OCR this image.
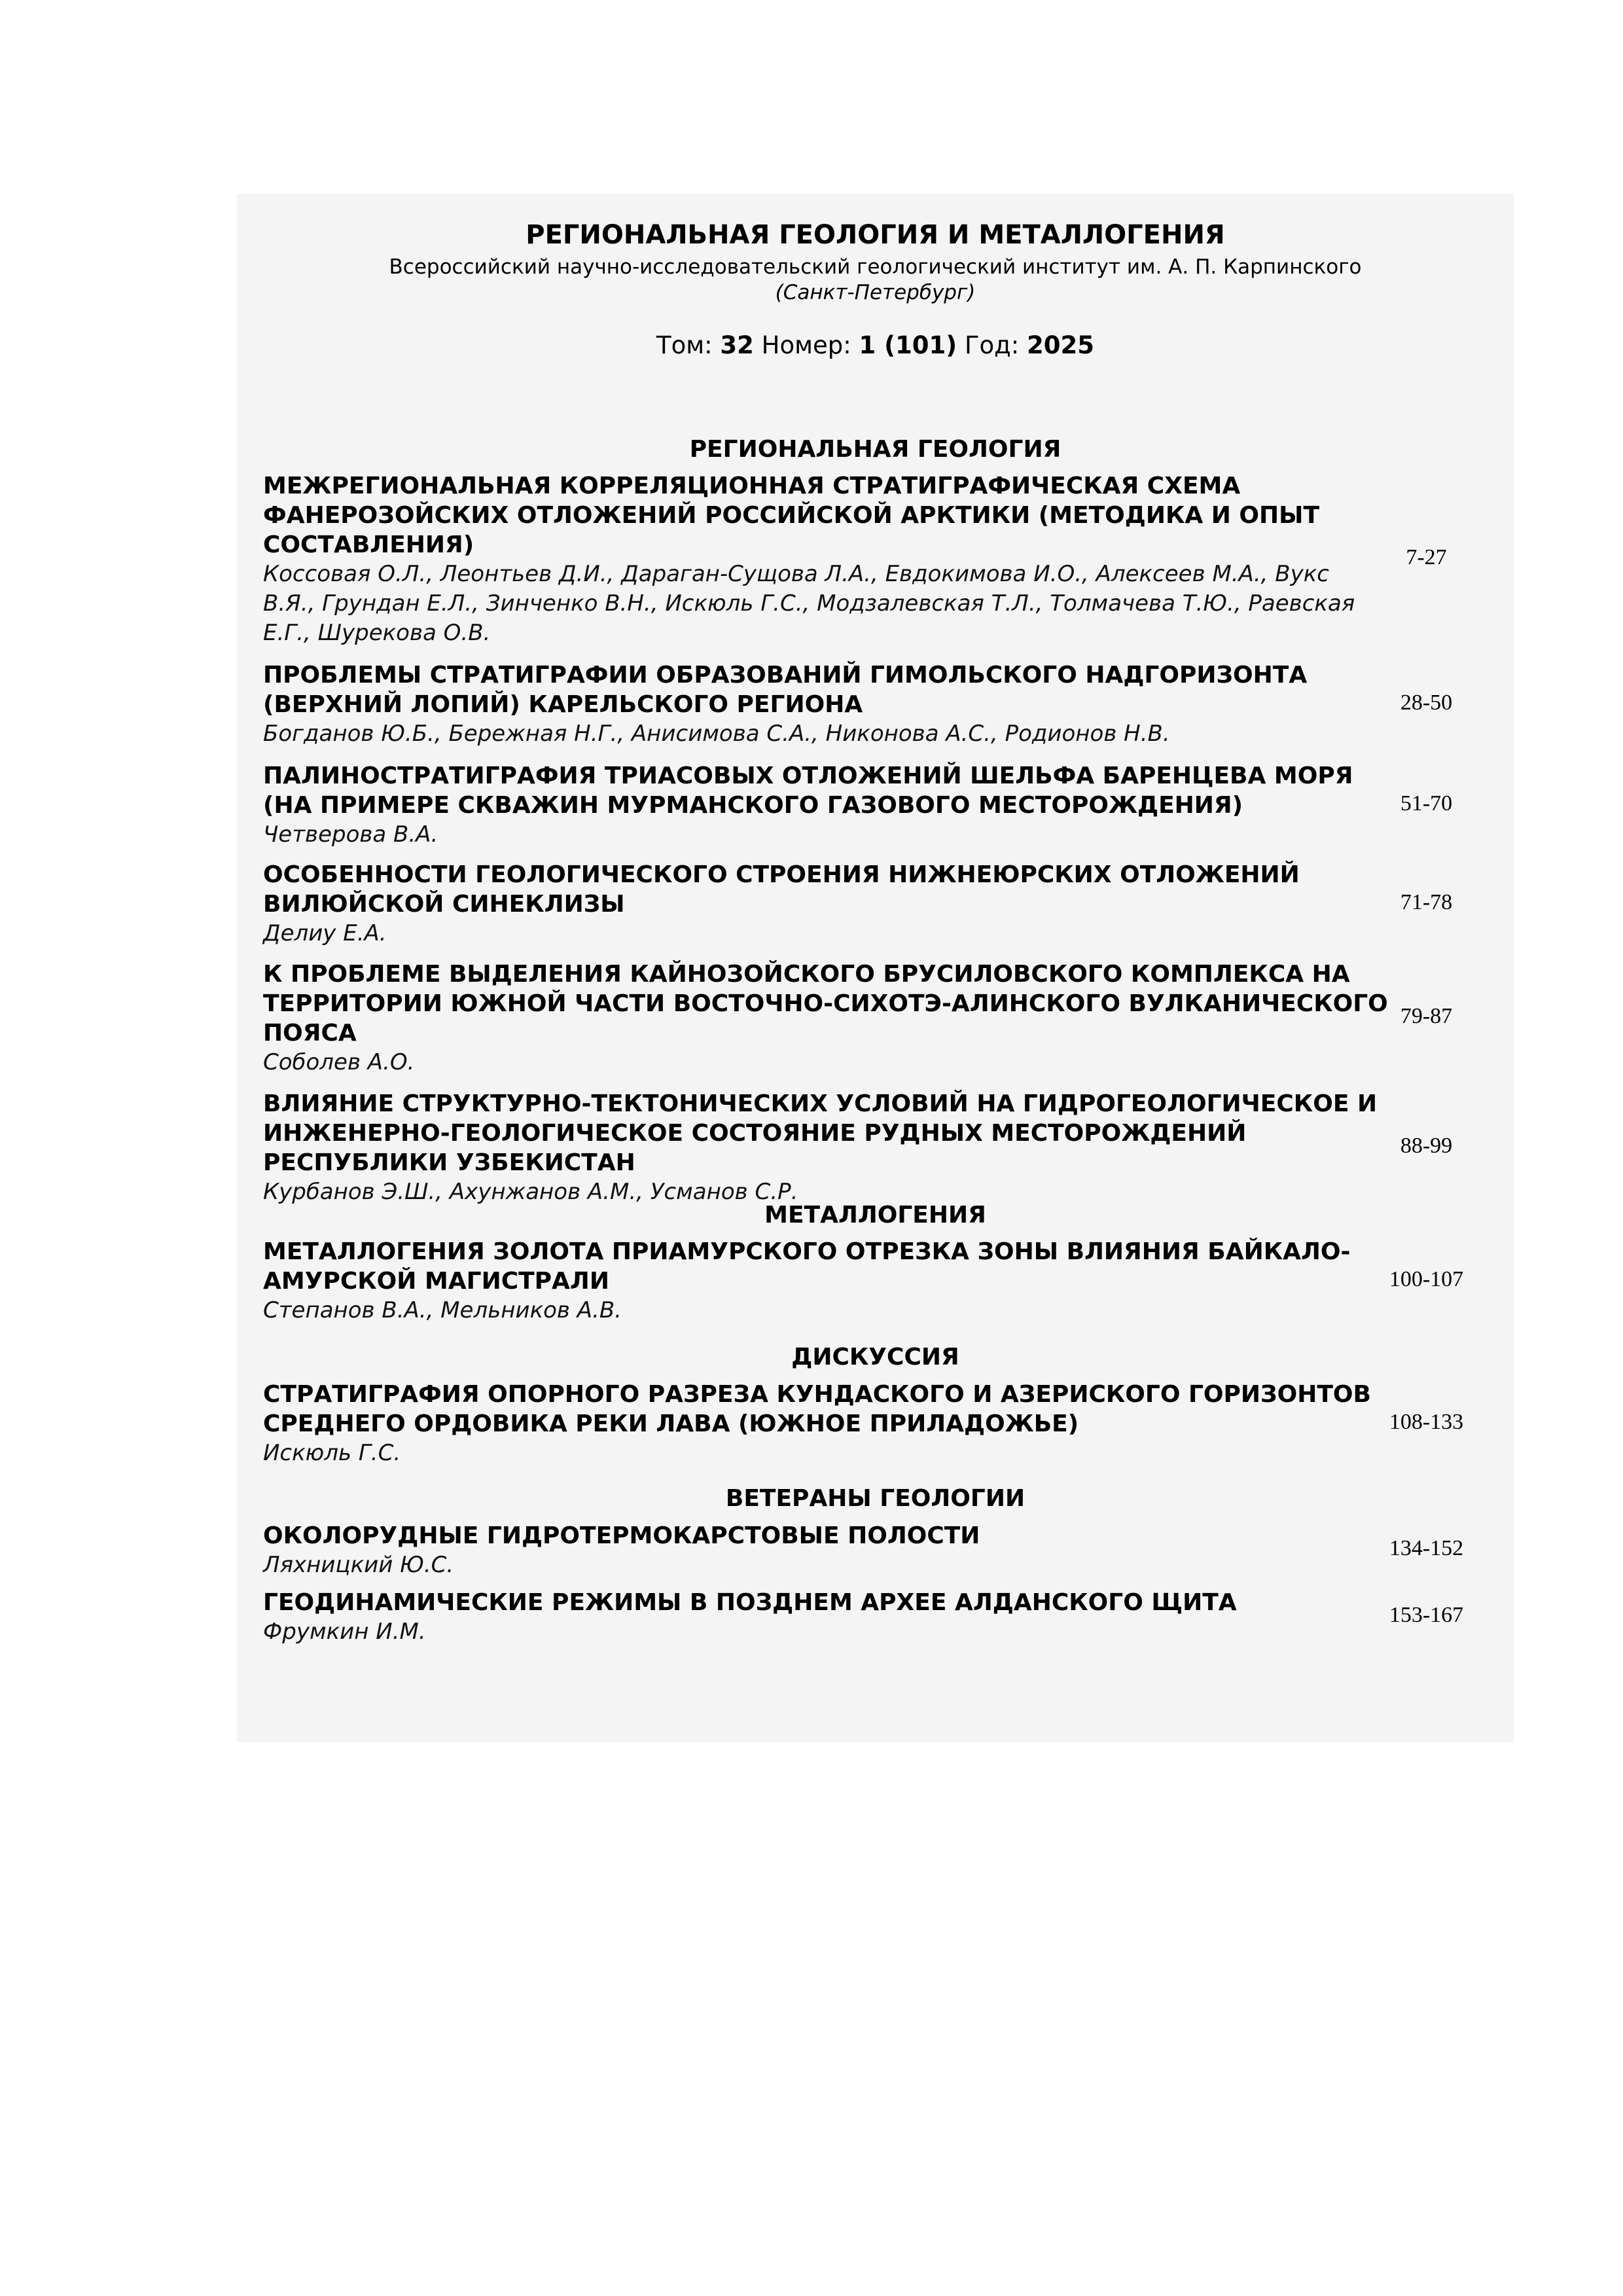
РЕГИОНАЛЬНАЯ ГЕОЛОГИЯ И МЕТАЛЛОГЕНИЯ
Всероссийский научно-исследовательский геологический институт им. А. П. Карпинского
(Санкт-Петербург)
Том: 32 Номер: 1 (101) Год: 2025
РЕГИОНАЛЬНАЯ ГЕОЛОГИЯ
МЕЖРЕГИОНАЛЬНАЯ КОРРЕЛЯЦИОННАЯ СТРАТИГРАФИЧЕСКАЯ СХЕМА
ФАНЕРОЗОЙСКИХ ОТЛОЖЕНИЙ РОССИЙСКОЙ АРКТИКИ (МЕТОДИКА И ОПЫТ
СОСТАВЛЕНИЯ)
Коссовая О.Л., Леонтьев Д.И., Дараган-Сущова Л.А., Евдокимова И.О., Алексеев М.А., Вукс
В.Я., Грундан Е.Л., Зинченко В.Н., Искюль Г.С., Модзалевская Т.Л., Толмачева Т.Ю., Раевская
Е.Г., Шурекова О.В.
7-27
ПРОБЛЕМЫ СТРАТИГРАФИИ ОБРАЗОВАНИЙ ГИМОЛЬСКОГО НАДГОРИЗОНТА
(ВЕРХНИЙ ЛОПИЙ) КАРЕЛЬСКОГО РЕГИОНА
Богданов Ю.Б., Бережная Н.Г., Анисимова С.А., Никонова А.С., Родионов Н.В.
28-50
ПАЛИНОСТРАТИГРАФИЯ ТРИАСОВЫХ ОТЛОЖЕНИЙ ШЕЛЬФА БАРЕНЦЕВА МОРЯ
(НА ПРИМЕРЕ СКВАЖИН МУРМАНСКОГО ГАЗОВОГО МЕСТОРОЖДЕНИЯ)
Четверова В.А.
51-70
ОСОБЕННОСТИ ГЕОЛОГИЧЕСКОГО СТРОЕНИЯ НИЖНЕЮРСКИХ ОТЛОЖЕНИЙ
ВИЛЮЙСКОЙ СИНЕКЛИЗЫ
Делиу Е.А.
71-78
К ПРОБЛЕМЕ ВЫДЕЛЕНИЯ КАЙНОЗОЙСКОГО БРУСИЛОВСКОГО КОМПЛЕКСА НА
ТЕРРИТОРИИ ЮЖНОЙ ЧАСТИ ВОСТОЧНО-СИХОТЭ-АЛИНСКОГО ВУЛКАНИЧЕСКОГО
ПОЯСА
Соболев А.О.
79-87
ВЛИЯНИЕ СТРУКТУРНО-ТЕКТОНИЧЕСКИХ УСЛОВИЙ НА ГИДРОГЕОЛОГИЧЕСКОЕ И
ИНЖЕНЕРНО-ГЕОЛОГИЧЕСКОЕ СОСТОЯНИЕ РУДНЫХ МЕСТОРОЖДЕНИЙ
РЕСПУБЛИКИ УЗБЕКИСТАН
Курбанов Э.Ш., Ахунжанов А.М., Усманов С.Р.
88-99
МЕТАЛЛОГЕНИЯ
МЕТАЛЛОГЕНИЯ ЗОЛОТА ПРИАМУРСКОГО ОТРЕЗКА ЗОНЫ ВЛИЯНИЯ БАЙКАЛО-
АМУРСКОЙ МАГИСТРАЛИ
Степанов В.А., Мельников А.В.
100-107
ДИСКУССИЯ
СТРАТИГРАФИЯ ОПОРНОГО РАЗРЕЗА КУНДАСКОГО И АЗЕРИСКОГО ГОРИЗОНТОВ
СРЕДНЕГО ОРДОВИКА РЕКИ ЛАВА (ЮЖНОЕ ПРИЛАДОЖЬЕ)
Искюль Г.С.
108-133
ВЕТЕРАНЫ ГЕОЛОГИИ
ОКОЛОРУДНЫЕ ГИДРОТЕРМОКАРСТОВЫЕ ПОЛОСТИ
Ляхницкий Ю.С.
134-152
ГЕОДИНАМИЧЕСКИЕ РЕЖИМЫ В ПОЗДНЕМ АРХЕЕ АЛДАНСКОГО ЩИТА
Фрумкин И.М.
153-167
